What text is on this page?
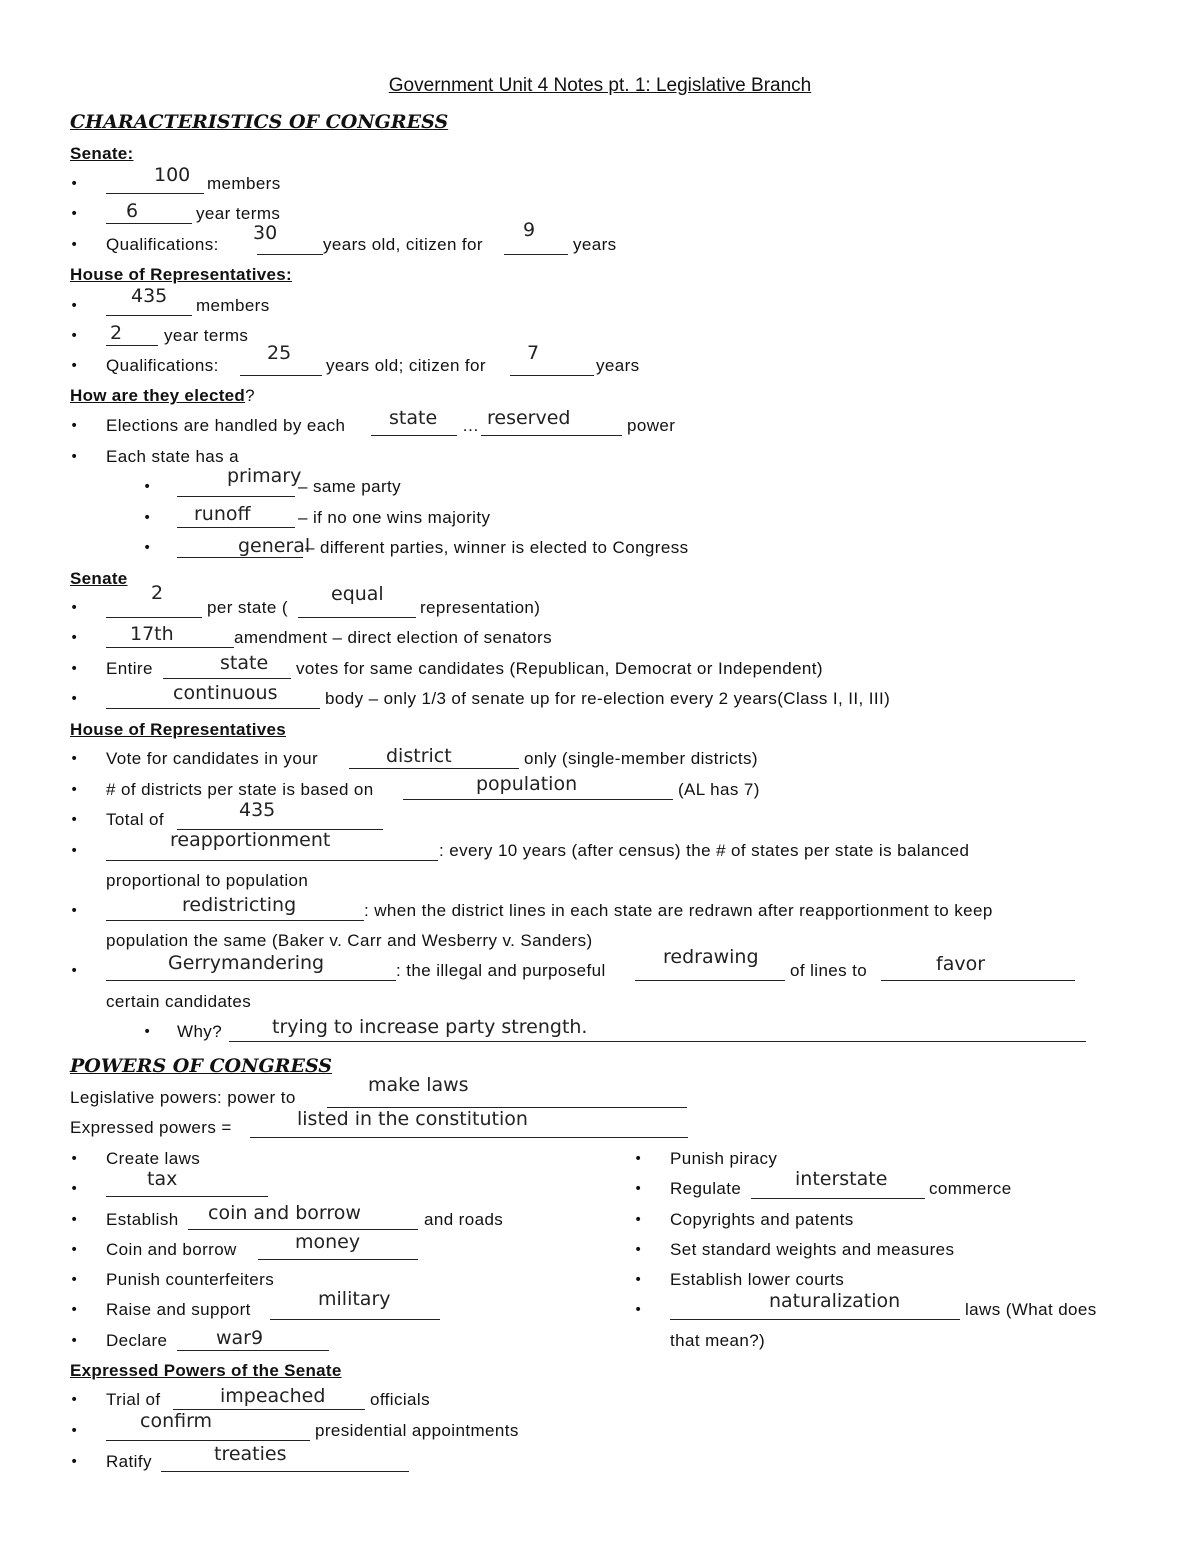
Government Unit 4 Notes pt. 1: Legislative Branch
CHARACTERISTICS OF CONGRESS
Senate:
•	100 members
•	6	year terms
• Qualifications:
30
years old, citizen for
9
years
House of Representatives:
•	435 members
• 2 year terms
• Qualifications:
25
years old; citizen for
7
years
How are they elected?
• Elections are handled by each state … reserved	power
• Each state has a
•	primary
– same party
• runoff	– if no one wins majority
•	general
– different parties, winner is elected to Congress
Senate
•
2
per state (
equal
representation)
•	17th	amendment – direct election of senators
• Entire	state votes for same candidates (Republican, Democrat or Independent)
•	continuous	body – only 1/3 of senate up for re-election every 2 years(Class I, II, III)
House of Representatives
• Vote for candidates in your	district	only (single-member districts)
• # of districts per state is based on	population	(AL has 7)
• Total of	435
•	reapportionment	: every 10 years (after census) the # of states per state is balanced
proportional to population
•	redistricting	: when the district lines in each state are redrawn after reapportionment to keep
population the same (Baker v. Carr and Wesberry v. Sanders)
•	Gerrymandering	: the illegal and purposeful
redrawing
of lines to	favor
certain candidates
• Why?	trying to increase party strength.
POWERS OF CONGRESS
Legislative powers: power to
make laws
Expressed powers =	listed in the constitution
• Create laws
•	tax
• Establish coin and borrow	and roads
• Coin and borrow	money
• Punish counterfeiters
• Raise and support	military
• Declare	war9
• Punish piracy
• Regulate	interstate commerce
• Copyrights and patents
• Set standard weights and measures
• Establish lower courts
•	naturalization	laws (What does
that mean?)
Expressed Powers of the Senate
• Trial of	impeached	officials
•	confirm	presidential appointments
• Ratify	treaties
